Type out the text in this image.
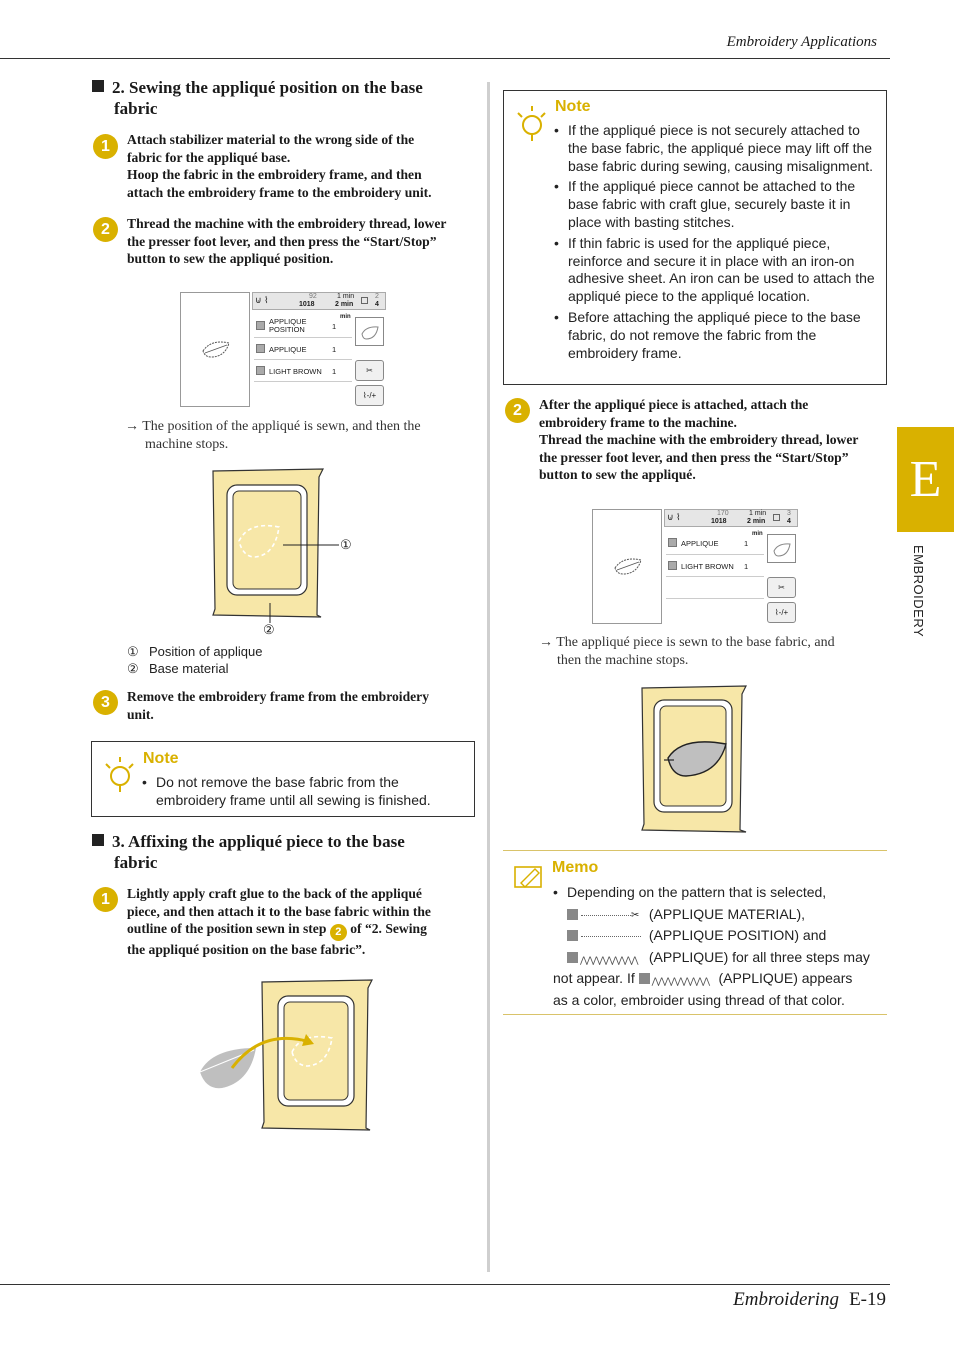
Embroidery Applications
Embroidering E-19
E
EMBROIDERY
2. Sewing the appliqué position on the base
fabric
1	Attach stabilizer material to the wrong side of the
fabric for the appliqué base.
Hoop the fabric in the embroidery frame, and then
attach the embroidery frame to the embroidery unit.
2	Thread the machine with the embroidery thread, lower
the presser foot lever, and then press the “Start/Stop”
button to sew the appliqué position.
⊍ ⌇	92
1018
1 min
2 min
2
4
APPLIQUE
POSITION	1
min
APPLIQUE	1
LIGHT BROWN 1	✂
⌇-/+
→ The position of the appliqué is sewn, and then the
machine stops.
①
②
① Position of applique
② Base material
3	Remove the embroidery frame from the embroidery
unit.
Note
• Do not remove the base fabric from the embroidery frame until all sewing is finished.
3. Affixing the appliqué piece to the base
fabric
1	Lightly apply craft glue to the back of the appliqué
piece, and then attach it to the base fabric within the
outline of the position sewn in step 2 of “2. Sewing
the appliqué position on the base fabric”.
Note
• If the appliqué piece is not securely attached to the base fabric, the appliqué piece may lift off the base fabric during sewing, causing misalignment.
• If the appliqué piece cannot be attached to the base fabric with craft glue, securely baste it in place with basting stitches.
• If thin fabric is used for the appliqué piece, reinforce and secure it in place with an iron-on adhesive sheet. An iron can be used to attach the appliqué piece to the appliqué location.
• Before attaching the appliqué piece to the base fabric, do not remove the fabric from the embroidery frame.
2	After the appliqué piece is attached, attach the
embroidery frame to the machine.
Thread the machine with the embroidery thread, lower
the presser foot lever, and then press the “Start/Stop”
button to sew the appliqué.
⊍ ⌇	170
1018
1 min
2 min
3
4
APPLIQUE	1
min
LIGHT BROWN 1
✂
⌇-/+
→ The appliqué piece is sewn to the base fabric, and
then the machine stops.
Memo
• Depending on the pattern that is selected,
✂ (APPLIQUE MATERIAL),
(APPLIQUE POSITION) and
⋀⋀⋀⋀⋀⋀⋀⋀⋀ (APPLIQUE) for all three steps may
not appear. If ⋀⋀⋀⋀⋀⋀⋀⋀⋀ (APPLIQUE) appears
as a color, embroider using thread of that color.
